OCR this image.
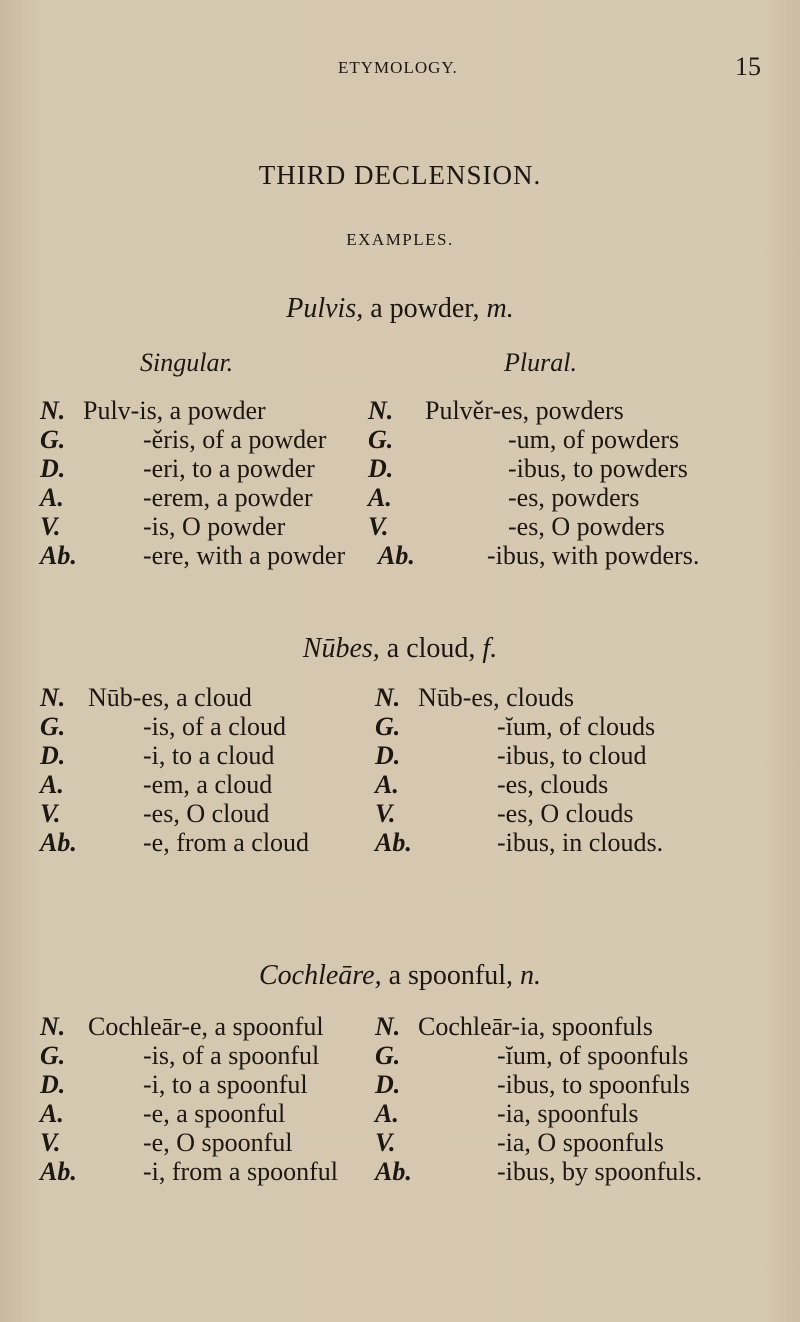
ETYMOLOGY.	15
THIRD DECLENSION.
EXAMPLES.
Pulvis, a powder, m.
Singular.	Plural.
N. Pulv-is, a powder	N. Pulvěr-es, powders
G.	-ěris, of a powder G.	-um, of powders
D.	-eri, to a powder D.	-ibus, to powders
A.	-erem, a powder A.	-es, powders
V.	-is, O powder	V.	-es, O powders
Ab.	-ere, with a powder Ab.	-ibus, with powders.
Nūbes, a cloud, f.
N. Nūb-es, a cloud	N. Nūb-es, clouds
G.	-is, of a cloud	G.	-ĭum, of clouds
D.	-i, to a cloud	D.	-ibus, to cloud
A.	-em, a cloud	A.	-es, clouds
V.	-es, O cloud	V.	-es, O clouds
Ab.	-e, from a cloud	Ab.	-ibus, in clouds.
Cochleāre, a spoonful, n.
N. Cochleār-e, a spoonful N. Cochleār-ia, spoonfuls
G.	-is, of a spoonful G.	-ĭum, of spoonfuls
D.	-i, to a spoonful	D.	-ibus, to spoonfuls
A.	-e, a spoonful	A.	-ia, spoonfuls
V.	-e, O spoonful	V.	-ia, O spoonfuls
Ab.	-i, from a spoonful Ab.	-ibus, by spoonfuls.
